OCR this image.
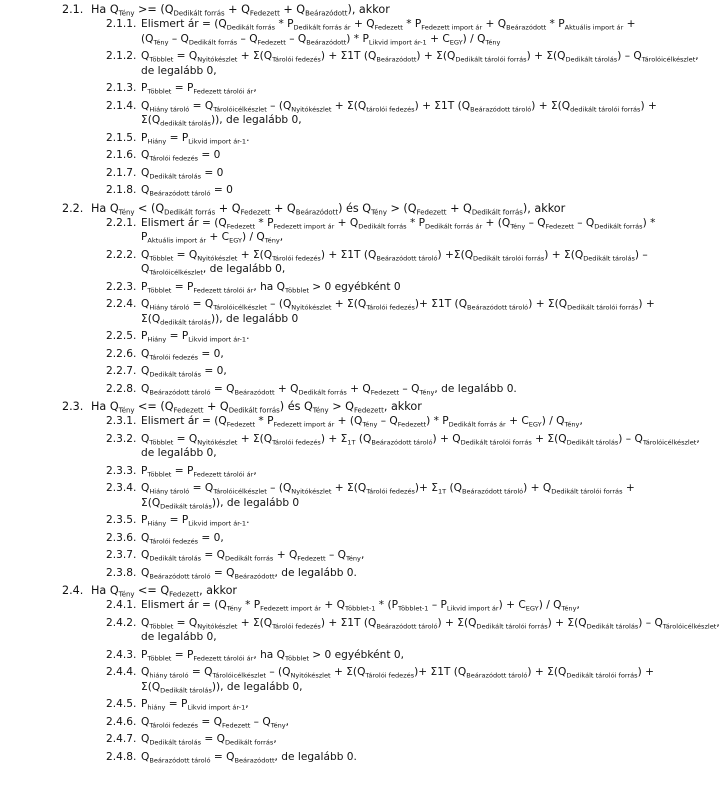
2.1. Ha $Q_{Tény} >= (Q_{Dedikált forrás} + Q_{Fedezett} + Q_{Beárazódott})$, akkor
2.1.1. Elismert ár = ($Q_{Dedikált forrás} * P_{Dedikált forrás ár} + Q_{Fedezett} * P_{Fedezett import ár} + Q_{Beárazódott} * P_{Aktuális import ár}$ +
$(Q_{Tény} - Q_{Dedikált forrás} - Q_{Fedezett} - Q_{Beárazódott}) * P_{Likvid import ár-1} + C_{EGY}) / Q_{Tény}$
2.1.2. $Q_{Többlet} = Q_{Nyitókészlet} + \Sigma(Q_{Tárolói fedezés}) + \Sigma 1T$ $(Q_{Beárazódott}) + \Sigma(Q_{Dedikált tárolói forrás}) + \Sigma(Q_{Dedikált tárolás}) - Q_{Tárolóicélkészlet}$,
de legalább 0,
2.1.3. $P_{Többlet} = P_{Fedezett tárolói ár}$,
2.1.4. $Q_{Hiány tároló} = Q_{Tárolóicélkészlet} - (Q_{Nyitókészlet} + \Sigma(Q_{tárolói fedezés}) + \Sigma 1T$ $(Q_{Beárazódott tároló}) + \Sigma(Q_{dedikált tárolói forrás})$ +
$\Sigma(Q_{dedikált tárolás})$), de legalább 0,
2.1.5. $P_{Hiány} = P_{Likvid import ár-1}$.
2.1.6. $Q_{Tárolói fedezés} = 0$
2.1.7. $Q_{Dedikált tárolás} = 0$
2.1.8. $Q_{Beárazódott tároló} = 0$
2.2. Ha $Q_{Tény} < (Q_{Dedikált forrás} + Q_{Fedezett} + Q_{Beárazódott})$ és $Q_{Tény} > (Q_{Fedezett} + Q_{Dedikált forrás})$, akkor
2.2.1. Elismert ár = ($Q_{Fedezett} * P_{Fedezett import ár} + Q_{Dedikált forrás} * P_{Dedikált forrás ár} + (Q_{Tény} - Q_{Fedezett} - Q_{Dedikált forrás})$ *
$P_{Aktuális import ár} + C_{EGY}) / Q_{Tény}$,
2.2.2. $Q_{Többlet} = Q_{Nyitókészlet} + \Sigma(Q_{Tárolói fedezés}) + \Sigma 1T$ $(Q_{Beárazódott tároló}) +\Sigma(Q_{Dedikált tárolói forrás}) + \Sigma(Q_{Dedikált tárolás})$ –
$Q_{Tárolóicélkészlet}$, de legalább 0,
2.2.3. $P_{Többlet} = P_{Fedezett tárolói ár}$, ha $Q_{Többlet} > 0$ egyébként 0
2.2.4. $Q_{Hiány tároló} = Q_{Tárolóicélkészlet} - (Q_{Nyitókészlet} + \Sigma(Q_{Tárolói fedezés})+ \Sigma 1T$ $(Q_{Beárazódott tároló}) + \Sigma(Q_{Dedikált tárolói forrás})$ +
$\Sigma(Q_{dedikált tárolás})$), de legalább 0
2.2.5. $P_{Hiány} = P_{Likvid import ár-1}$.
2.2.6. $Q_{Tárolói fedezés} = 0$,
2.2.7. $Q_{Dedikált tárolás} = 0$,
2.2.8. $Q_{Beárazódott tároló} = Q_{Beárazódott} + Q_{Dedikált forrás} + Q_{Fedezett} - Q_{Tény}$, de legalább 0.
2.3. Ha $Q_{Tény} <= (Q_{Fedezett} + Q_{Dedikált forrás})$ és $Q_{Tény} > Q_{Fedezett}$, akkor
2.3.1. Elismert ár = $(Q_{Fedezett} * P_{Fedezett import ár} + (Q_{Tény} - Q_{Fedezett}) * P_{Dedikált forrás ár} + C_{EGY}) / Q_{Tény}$,
2.3.2. $Q_{Többlet} = Q_{Nyitókészlet} + \Sigma(Q_{Tárolói fedezés}) + \Sigma_{1T}$ $(Q_{Beárazódott tároló}) + Q_{Dedikált tárolói forrás} + \Sigma(Q_{Dedikált tárolás}) - Q_{Tárolóicélkészlet}$,
de legalább 0,
2.3.3. $P_{Többlet} = P_{Fedezett tárolói ár}$,
2.3.4. $Q_{Hiány tároló} = Q_{Tárolóicélkészlet} - (Q_{Nyitókészlet} + \Sigma(Q_{Tárolói fedezés})+ \Sigma_{1T}$ $(Q_{Beárazódott tároló}) + Q_{Dedikált tárolói forrás}$ +
$\Sigma(Q_{Dedikált tárolás})$), de legalább 0
2.3.5. $P_{Hiány} = P_{Likvid import ár-1}$.
2.3.6. $Q_{Tárolói fedezés} = 0$,
2.3.7. $Q_{Dedikált tárolás} = Q_{Dedikált forrás} + Q_{Fedezett} - Q_{Tény}$,
2.3.8. $Q_{Beárazódott tároló} = Q_{Beárazódott}$, de legalább 0.
2.4. Ha $Q_{Tény} <= Q_{Fedezett}$, akkor
2.4.1. Elismert ár = $(Q_{Tény} * P_{Fedezett import ár} + Q_{Többlet-1} * (P_{Többlet-1} - P_{Likvid import ár}) + C_{EGY}) / Q_{Tény}$,
2.4.2. $Q_{Többlet} = Q_{Nyitókészlet} + \Sigma(Q_{Tárolói fedezés}) + \Sigma 1T$ $(Q_{Beárazódott tároló}) + \Sigma(Q_{Dedikált tárolói forrás}) + \Sigma(Q_{Dedikált tárolás}) - Q_{Tárolóicélkészlet}$,
de legalább 0,
2.4.3. $P_{Többlet} = P_{Fedezett tárolói ár}$, ha $Q_{Többlet} > 0$ egyébként 0,
2.4.4. $Q_{hiány tároló} = Q_{Tárolóicélkészlet} - (Q_{Nyitókészlet} + \Sigma(Q_{Tárolói fedezés})+ \Sigma 1T$ $(Q_{Beárazódott tároló}) + \Sigma(Q_{Dedikált tárolói forrás})$ +
$\Sigma(Q_{Dedikált tárolás})$), de legalább 0,
2.4.5. $P_{hiány} = P_{Likvid import ár-1}$,
2.4.6. $Q_{Tárolói fedezés} = Q_{Fedezett} - Q_{Tény}$,
2.4.7. $Q_{Dedikált tárolás} = Q_{Dedikált forrás}$,
2.4.8. $Q_{Beárazódott tároló} = Q_{Beárazódott}$, de legalább 0.
